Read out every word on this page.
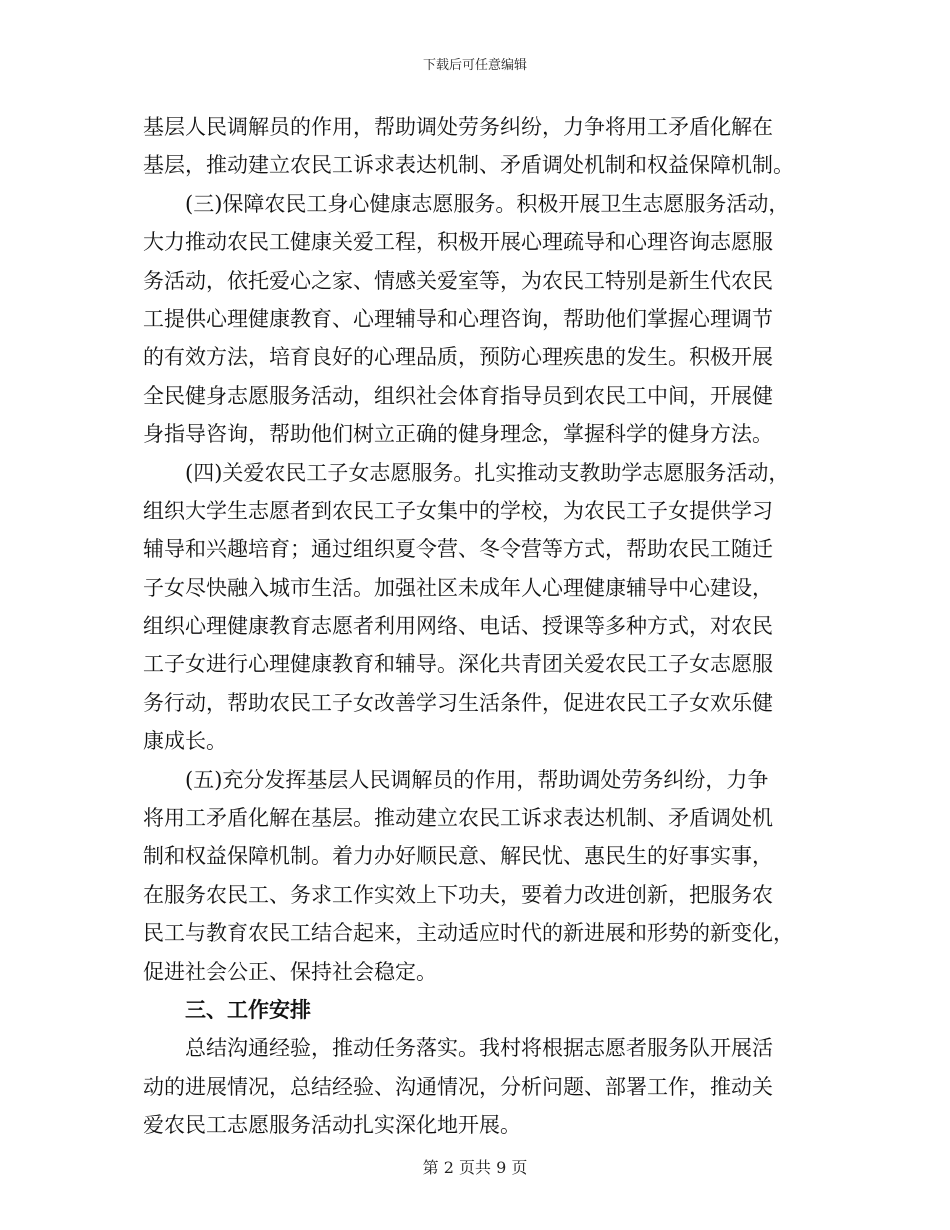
下载后可任意编辑
基层人民调解员的作用，帮助调处劳务纠纷，力争将用工矛盾化解在
基层，推动建立农民工诉求表达机制、矛盾调处机制和权益保障机制。
(三)保障农民工身心健康志愿服务。积极开展卫生志愿服务活动，
大力推动农民工健康关爱工程，积极开展心理疏导和心理咨询志愿服
务活动，依托爱心之家、情感关爱室等，为农民工特别是新生代农民
工提供心理健康教育、心理辅导和心理咨询，帮助他们掌握心理调节
的有效方法，培育良好的心理品质，预防心理疾患的发生。积极开展
全民健身志愿服务活动，组织社会体育指导员到农民工中间，开展健
身指导咨询，帮助他们树立正确的健身理念，掌握科学的健身方法。
(四)关爱农民工子女志愿服务。扎实推动支教助学志愿服务活动，
组织大学生志愿者到农民工子女集中的学校，为农民工子女提供学习
辅导和兴趣培育；通过组织夏令营、冬令营等方式，帮助农民工随迁
子女尽快融入城市生活。加强社区未成年人心理健康辅导中心建设，
组织心理健康教育志愿者利用网络、电话、授课等多种方式，对农民
工子女进行心理健康教育和辅导。深化共青团关爱农民工子女志愿服
务行动，帮助农民工子女改善学习生活条件，促进农民工子女欢乐健
康成长。
(五)充分发挥基层人民调解员的作用，帮助调处劳务纠纷，力争
将用工矛盾化解在基层。推动建立农民工诉求表达机制、矛盾调处机
制和权益保障机制。着力办好顺民意、解民忧、惠民生的好事实事，
在服务农民工、务求工作实效上下功夫，要着力改进创新，把服务农
民工与教育农民工结合起来，主动适应时代的新进展和形势的新变化，
促进社会公正、保持社会稳定。
三、工作安排
总结沟通经验，推动任务落实。我村将根据志愿者服务队开展活
动的进展情况，总结经验、沟通情况，分析问题、部署工作，推动关
爱农民工志愿服务活动扎实深化地开展。
第 2 页共 9 页
